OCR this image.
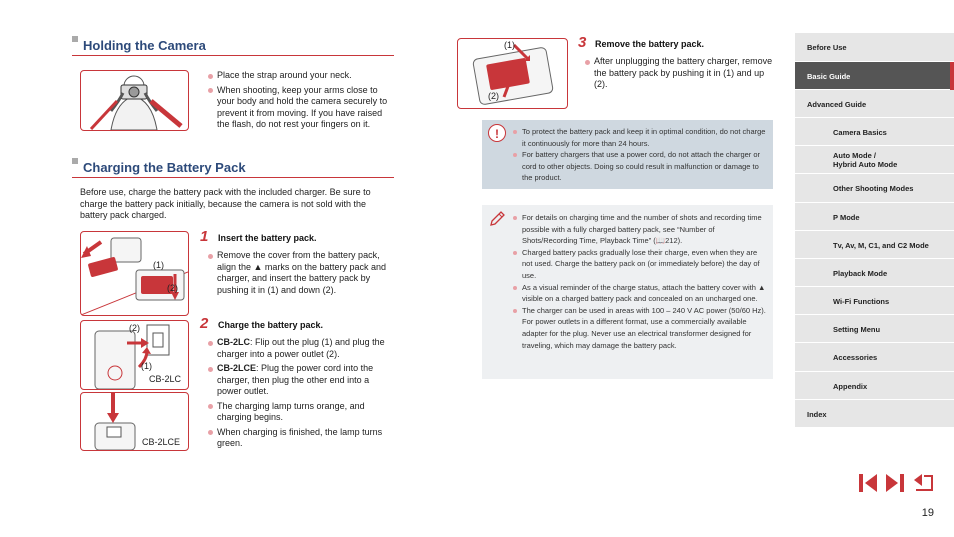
Holding the Camera
Place the strap around your neck.
When shooting, keep your arms close to your body and hold the camera securely to prevent it from moving. If you have raised the flash, do not rest your fingers on it.
Charging the Battery Pack
Before use, charge the battery pack with the included charger. Be sure to charge the battery pack initially, because the camera is not sold with the battery pack charged.
(1)
(2)
1 Insert the battery pack.
Remove the cover from the battery pack, align the ▲ marks on the battery pack and charger, and insert the battery pack by pushing it in (1) and down (2).
(2)
(1)
CB-2LC
CB-2LCE
2 Charge the battery pack.
CB-2LC: Flip out the plug (1) and plug the charger into a power outlet (2).
CB-2LCE: Plug the power cord into the charger, then plug the other end into a power outlet.
The charging lamp turns orange, and charging begins.
When charging is finished, the lamp turns green.
(1)
(2)
3 Remove the battery pack.
After unplugging the battery charger, remove the battery pack by pushing it in (1) and up (2).
!	To protect the battery pack and keep it in optimal condition, do not charge it continuously for more than 24 hours.
For battery chargers that use a power cord, do not attach the charger or cord to other objects. Doing so could result in malfunction or damage to the product.
For details on charging time and the number of shots and recording time possible with a fully charged battery pack, see “Number of Shots/Recording Time, Playback Time” (📖212).
Charged battery packs gradually lose their charge, even when they are not used. Charge the battery pack on (or immediately before) the day of use.
As a visual reminder of the charge status, attach the battery cover with ▲ visible on a charged battery pack and concealed on an uncharged one.
The charger can be used in areas with 100 – 240 V AC power (50/60 Hz). For power outlets in a different format, use a commercially available adapter for the plug. Never use an electrical transformer designed for traveling, which may damage the battery pack.
Before Use
Basic Guide
Advanced Guide
Camera Basics
Auto Mode /
Hybrid Auto Mode
Other Shooting Modes
P Mode
Tv, Av, M, C1, and C2 Mode
Playback Mode
Wi-Fi Functions
Setting Menu
Accessories
Appendix
Index
19
